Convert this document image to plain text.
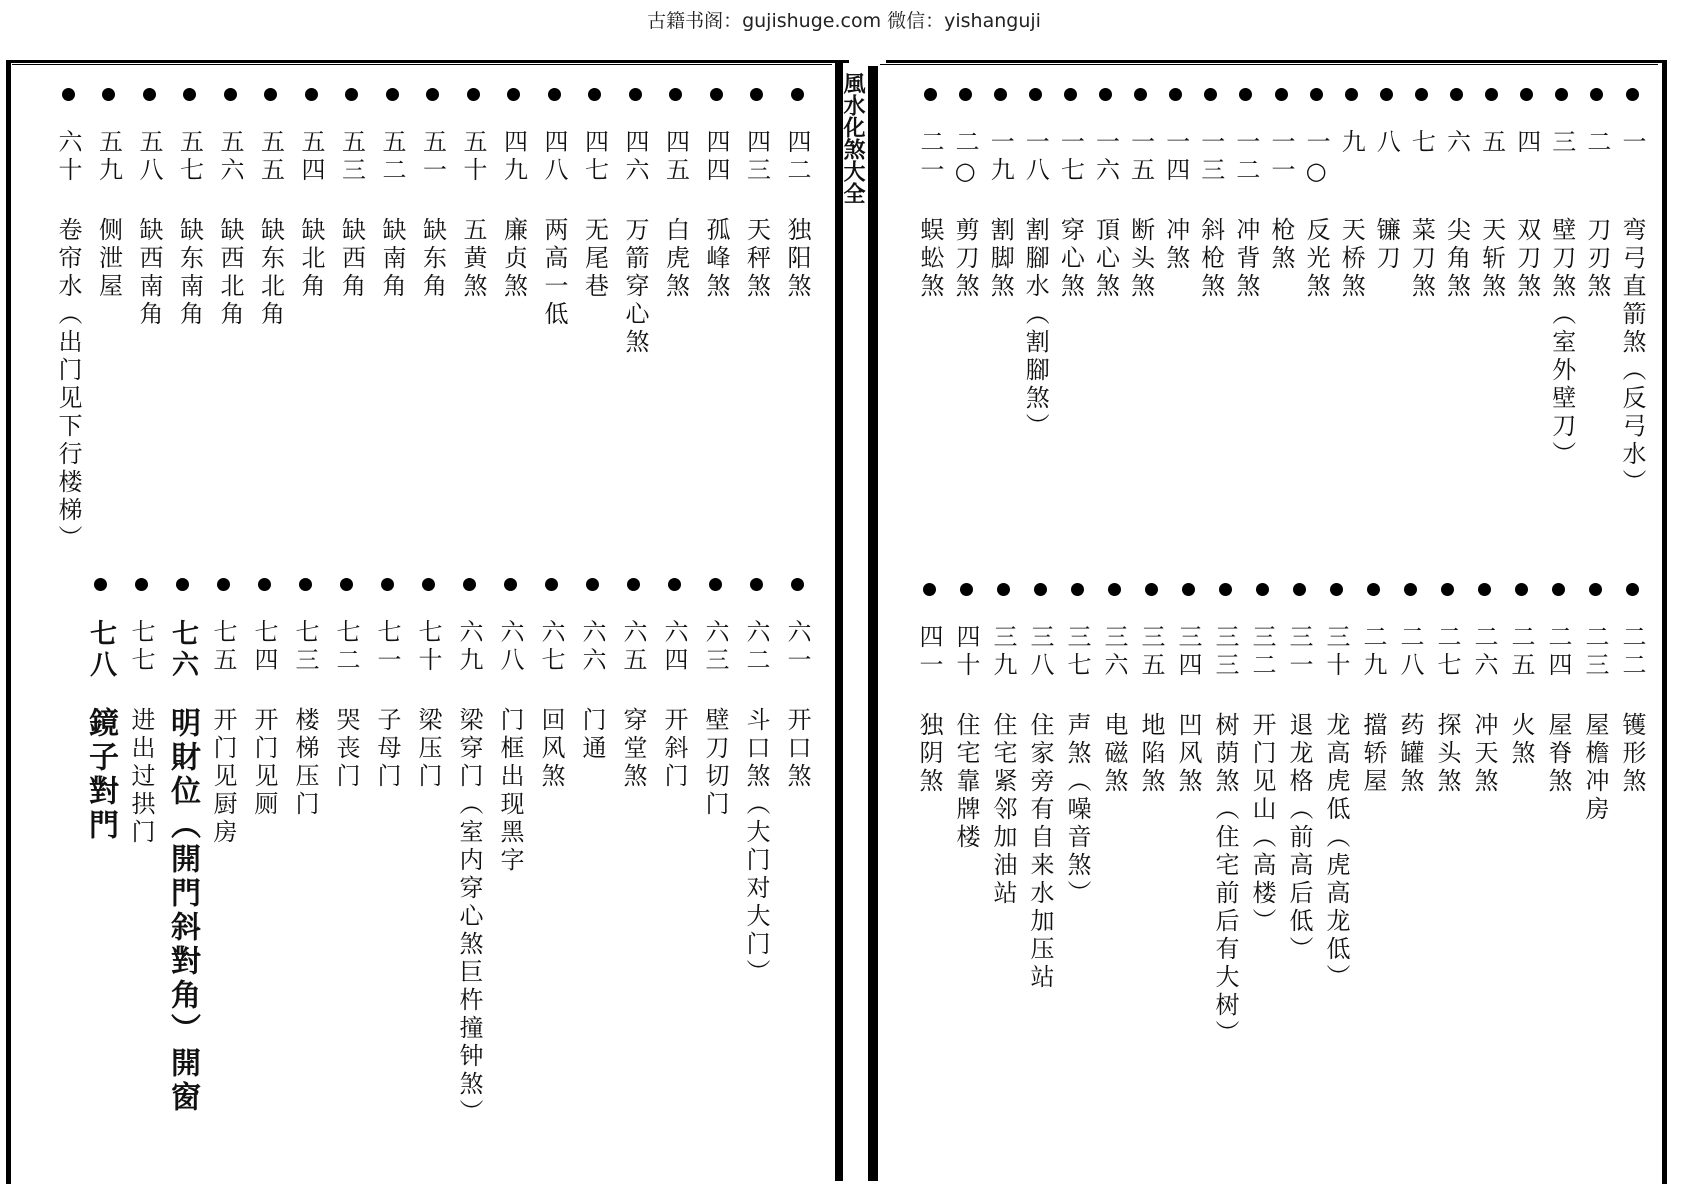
古籍书阁：gujishuge.com 微信：yishanguji
風水化煞大全	一
弯弓直箭煞（反弓水）
二
刀刃煞
三
壁刀煞（室外壁刀）
四
双刀煞
五
天斩煞
六
尖角煞
七
菜刀煞
八
镰刀
九
天桥煞
一○
反光煞
一一
枪煞
一二
冲背煞
一三
斜枪煞
一四
冲煞
一五
断头煞
一六
頂心煞
一七
穿心煞
一八
割腳水（割腳煞）
一九
割脚煞
二○
剪刀煞
二一
蜈蚣煞
二二
镬形煞
二三
屋檐冲房
二四
屋脊煞
二五
火煞
二六
冲天煞
二七
探头煞
二八
药罐煞
二九
擋轿屋
三十
龙高虎低（虎高龙低）
三一
退龙格（前高后低）
三二
开门见山（高楼）
三三
树荫煞（住宅前后有大树）
三四
凹风煞
三五
地陷煞
三六
电磁煞
三七
声煞（噪音煞）
三八
住家旁有自来水加压站
三九
住宅紧邻加油站
四十
住宅靠牌楼
四一
独阴煞
四二
独阳煞
四三
天秤煞
四四
孤峰煞
四五
白虎煞
四六
万箭穿心煞
四七
无尾巷
四八
两高一低
四九
廉贞煞
五十
五黄煞
五一
缺东角
五二
缺南角
五三
缺西角
五四
缺北角
五五
缺东北角
五六
缺西北角
五七
缺东南角
五八
缺西南角
五九
侧泄屋
六十
卷帘水（出门见下行楼梯）
六一
开口煞
六二
斗口煞（大门对大门）
六三
壁刀切门
六四
开斜门
六五
穿堂煞
六六
门通
六七
回风煞
六八
门框出现黑字
六九
梁穿门（室内穿心煞巨杵撞钟煞）
七十
梁压门
七一
子母门
七二
哭丧门
七三
楼梯压门
七四
开门见厕
七五
开门见厨房
七六
明財位（開門斜對角）開窗
七七
进出过拱门
七八
鏡子對門
